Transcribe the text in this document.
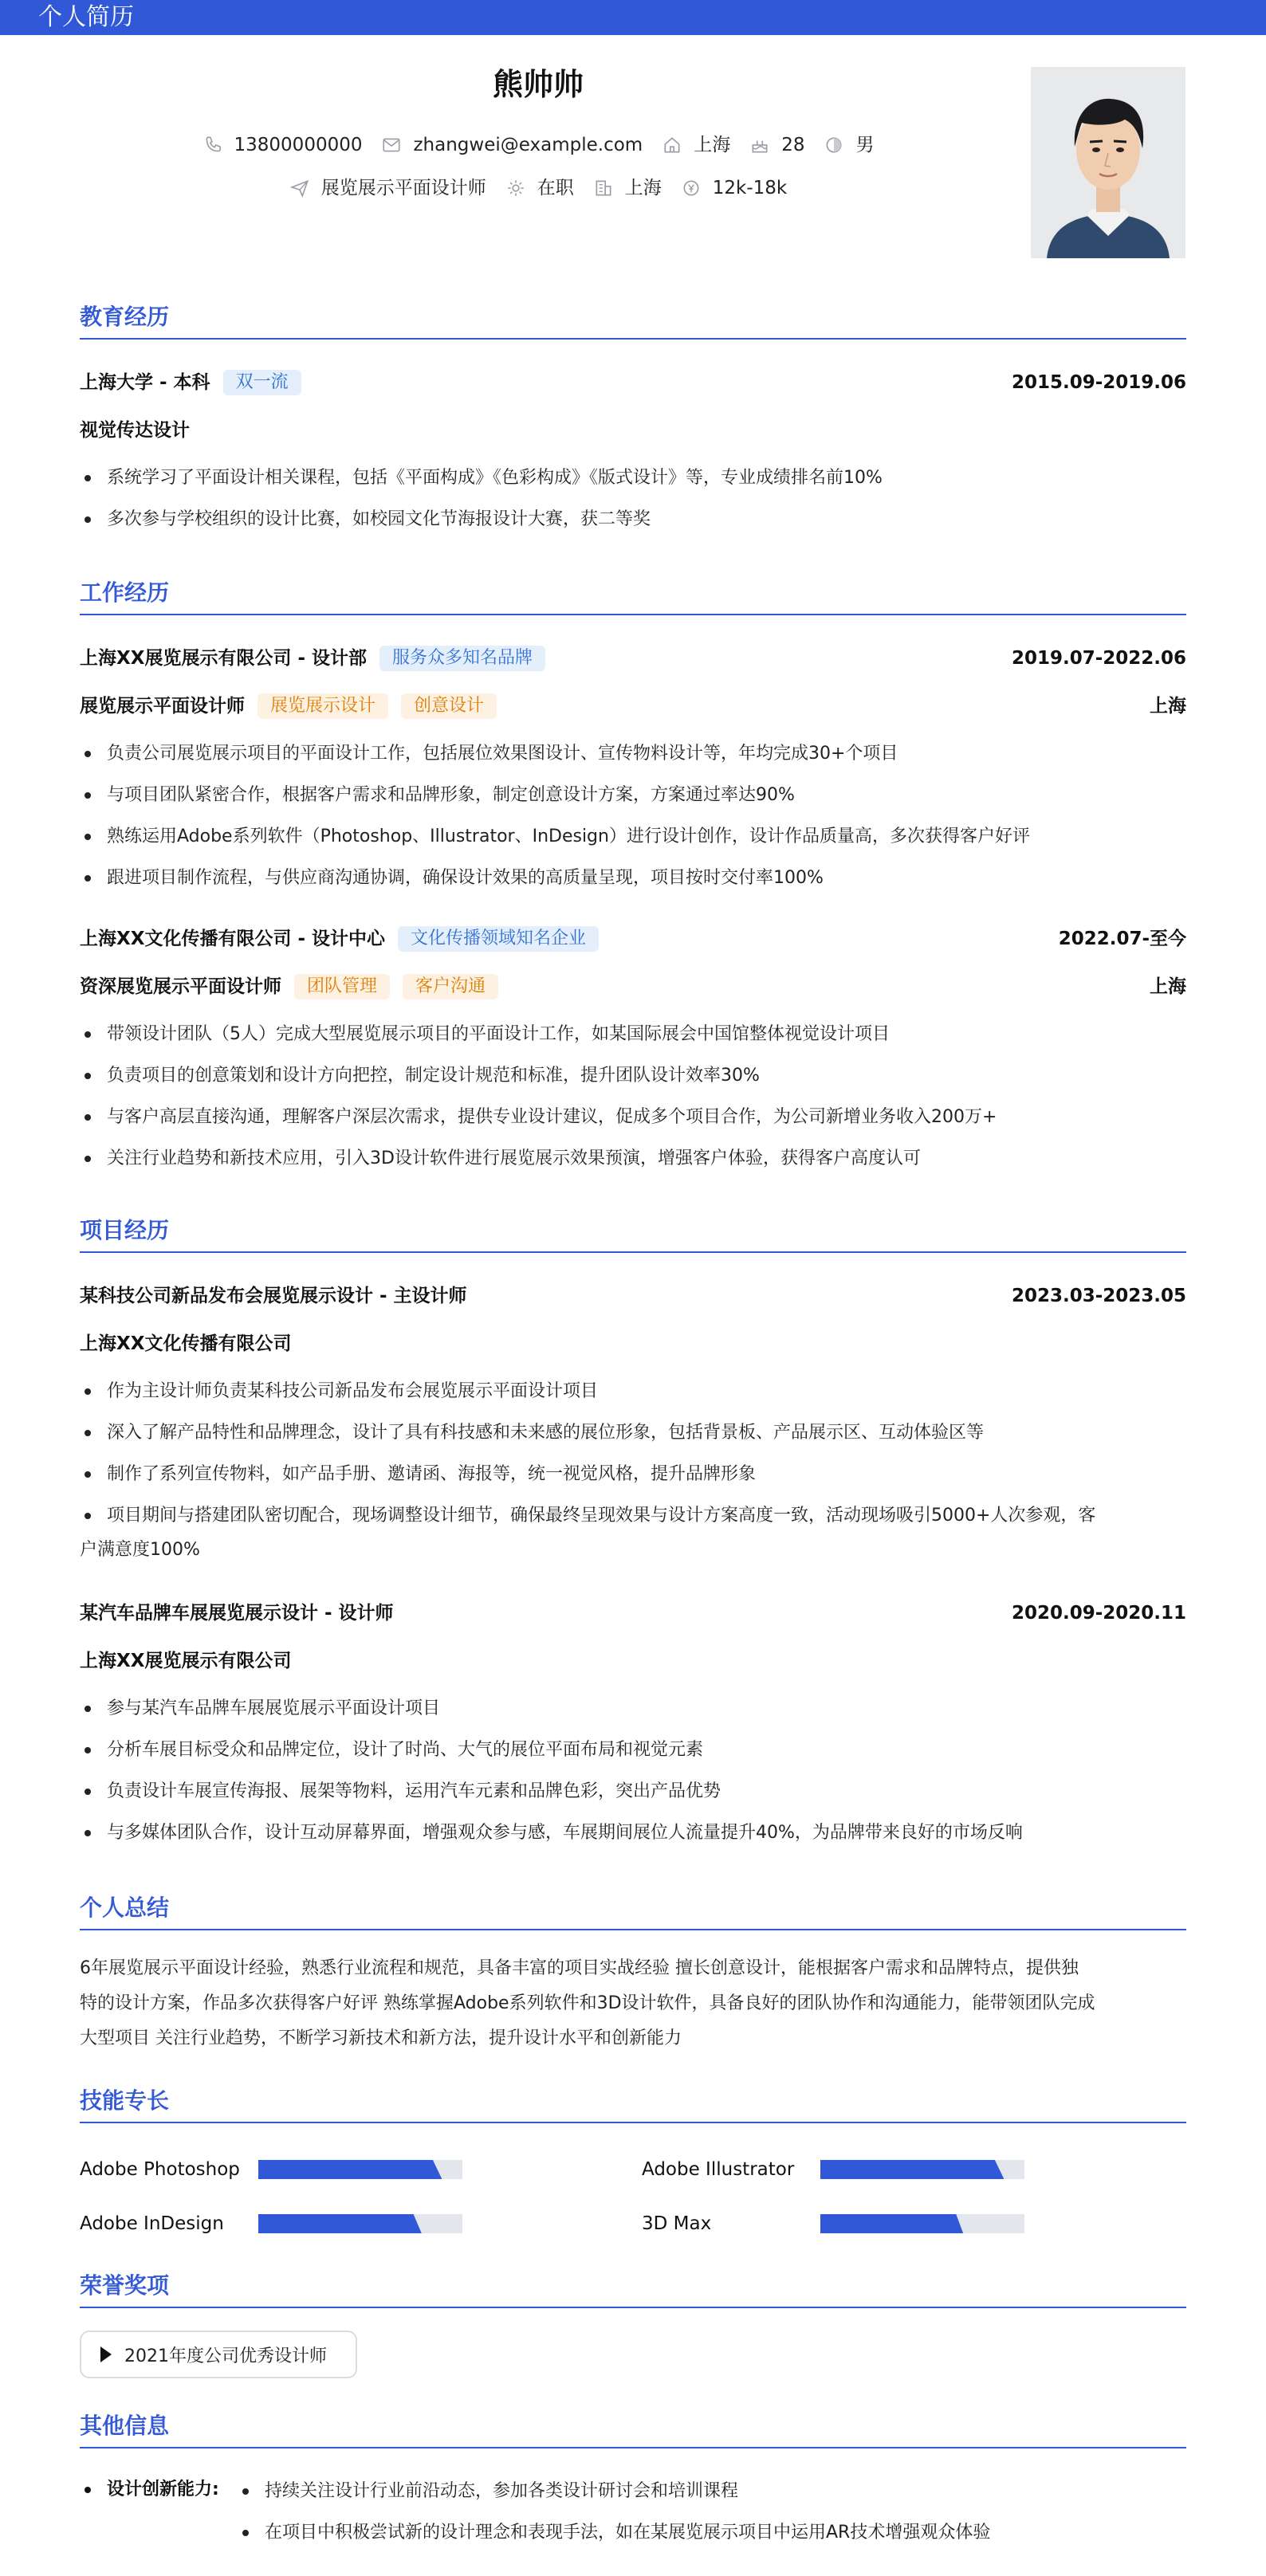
个人简历
熊帅帅
13800000000	zhangwei@example.com	上海	28	男
展览展示平面设计师	在职	上海	12k-18k
教育经历
上海大学 - 本科	双一流	2015.09-2019.06
视觉传达设计
系统学习了平面设计相关课程，包括《平面构成》《色彩构成》《版式设计》等，专业成绩排名前10%
多次参与学校组织的设计比赛，如校园文化节海报设计大赛，获二等奖
工作经历
上海XX展览展示有限公司 - 设计部	服务众多知名品牌	2019.07-2022.06
展览展示平面设计师	展览展示设计	创意设计	上海
负责公司展览展示项目的平面设计工作，包括展位效果图设计、宣传物料设计等，年均完成30+个项目
与项目团队紧密合作，根据客户需求和品牌形象，制定创意设计方案，方案通过率达90%
熟练运用Adobe系列软件（Photoshop、Illustrator、InDesign）进行设计创作，设计作品质量高，多次获得客户好评
跟进项目制作流程，与供应商沟通协调，确保设计效果的高质量呈现，项目按时交付率100%
上海XX文化传播有限公司 - 设计中心	文化传播领域知名企业	2022.07-至今
资深展览展示平面设计师	团队管理	客户沟通	上海
带领设计团队（5人）完成大型展览展示项目的平面设计工作，如某国际展会中国馆整体视觉设计项目
负责项目的创意策划和设计方向把控，制定设计规范和标准，提升团队设计效率30%
与客户高层直接沟通，理解客户深层次需求，提供专业设计建议，促成多个项目合作，为公司新增业务收入200万+
关注行业趋势和新技术应用，引入3D设计软件进行展览展示效果预演，增强客户体验，获得客户高度认可
项目经历
某科技公司新品发布会展览展示设计 - 主设计师	2023.03-2023.05
上海XX文化传播有限公司
作为主设计师负责某科技公司新品发布会展览展示平面设计项目
深入了解产品特性和品牌理念，设计了具有科技感和未来感的展位形象，包括背景板、产品展示区、互动体验区等
制作了系列宣传物料，如产品手册、邀请函、海报等，统一视觉风格，提升品牌形象
项目期间与搭建团队密切配合，现场调整设计细节，确保最终呈现效果与设计方案高度一致，活动现场吸引5000+人次参观，客
户满意度100%
某汽车品牌车展展览展示设计 - 设计师	2020.09-2020.11
上海XX展览展示有限公司
参与某汽车品牌车展展览展示平面设计项目
分析车展目标受众和品牌定位，设计了时尚、大气的展位平面布局和视觉元素
负责设计车展宣传海报、展架等物料，运用汽车元素和品牌色彩，突出产品优势
与多媒体团队合作，设计互动屏幕界面，增强观众参与感，车展期间展位人流量提升40%，为品牌带来良好的市场反响
个人总结
6年展览展示平面设计经验，熟悉行业流程和规范，具备丰富的项目实战经验 擅长创意设计，能根据客户需求和品牌特点，提供独
特的设计方案，作品多次获得客户好评 熟练掌握Adobe系列软件和3D设计软件，具备良好的团队协作和沟通能力，能带领团队完成
大型项目 关注行业趋势，不断学习新技术和新方法，提升设计水平和创新能力
技能专长
Adobe Photoshop	Adobe Illustrator
Adobe InDesign	3D Max
荣誉奖项
2021年度公司优秀设计师
其他信息
设计创新能力:	持续关注设计行业前沿动态，参加各类设计研讨会和培训课程
在项目中积极尝试新的设计理念和表现手法，如在某展览展示项目中运用AR技术增强观众体验
